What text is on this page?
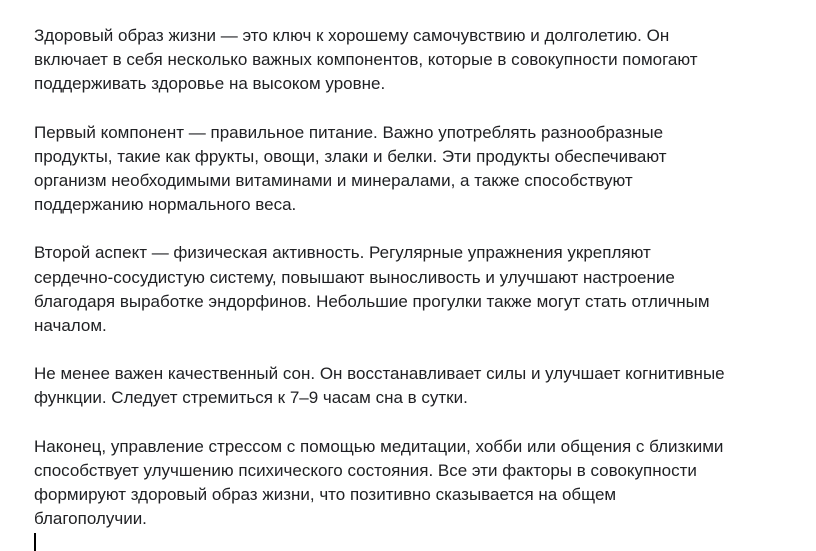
Здоровый образ жизни — это ключ к хорошему самочувствию и долголетию. Он
включает в себя несколько важных компонентов, которые в совокупности помогают
поддерживать здоровье на высоком уровне.

Первый компонент — правильное питание. Важно употреблять разнообразные
продукты, такие как фрукты, овощи, злаки и белки. Эти продукты обеспечивают
организм необходимыми витаминами и минералами, а также способствуют
поддержанию нормального веса.

Второй аспект — физическая активность. Регулярные упражнения укрепляют
сердечно-сосудистую систему, повышают выносливость и улучшают настроение
благодаря выработке эндорфинов. Небольшие прогулки также могут стать отличным
началом.

Не менее важен качественный сон. Он восстанавливает силы и улучшает когнитивные
функции. Следует стремиться к 7–9 часам сна в сутки.

Наконец, управление стрессом с помощью медитации, хобби или общения с близкими
способствует улучшению психического состояния. Все эти факторы в совокупности
формируют здоровый образ жизни, что позитивно сказывается на общем
благополучии.
